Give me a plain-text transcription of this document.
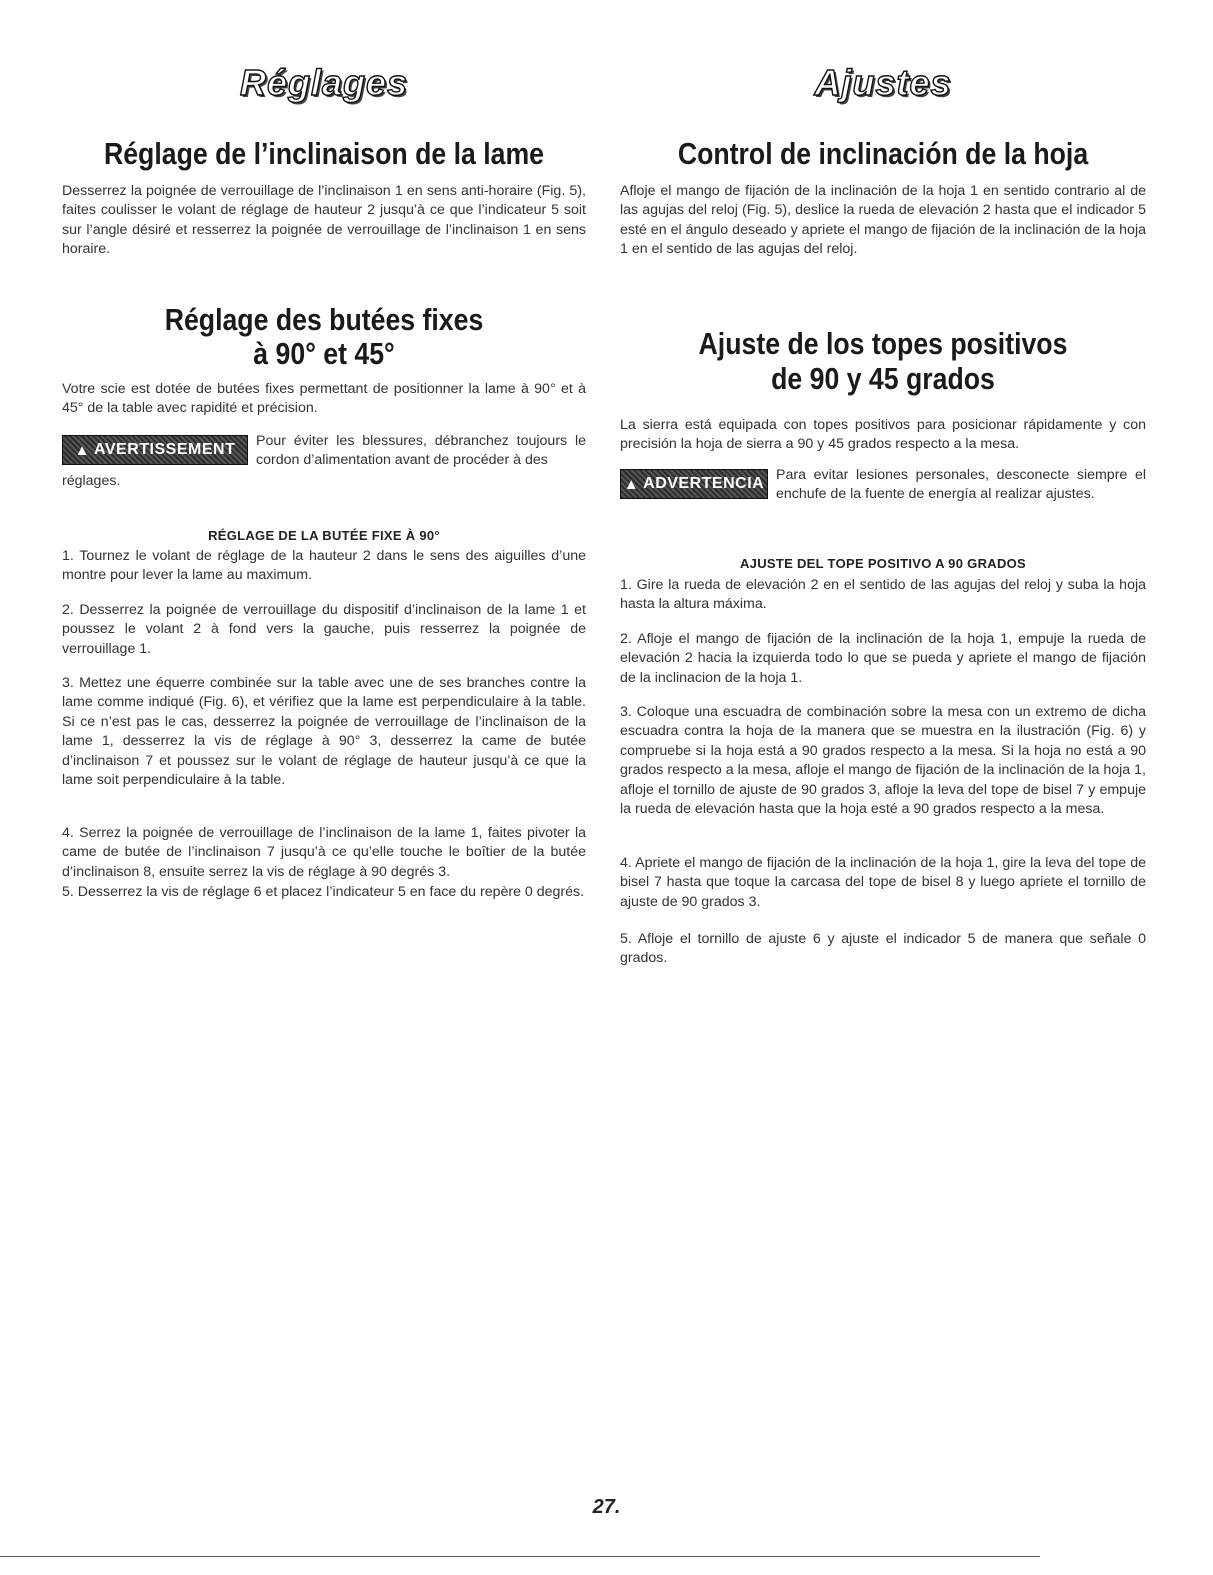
Réglages
Réglage de l’inclinaison de la lame
Desserrez la poignée de verrouillage de l’inclinaison 1 en sens anti-horaire (Fig. 5), faites coulisser le volant de réglage de hauteur 2 jusqu’à ce que l’indicateur 5 soit sur l’angle désiré et resserrez la poignée de verrouillage de l’inclinaison 1 en sens horaire.
Réglage des butées fixes
à 90° et 45°
Votre scie est dotée de butées fixes permettant de positionner la lame à 90° et à 45° de la table avec rapidité et précision.
▲ AVERTISSEMENT Pour éviter les blessures, débranchez toujours le cordon d’alimentation avant de procéder à des
réglages.
RÉGLAGE DE LA BUTÉE FIXE À 90°
1. Tournez le volant de réglage de la hauteur 2 dans le sens des aiguilles d’une montre pour lever la lame au maximum.
2. Desserrez la poignée de verrouillage du dispositif d’inclinaison de la lame 1 et poussez le volant 2 à fond vers la gauche, puis resserrez la poignée de verrouillage 1.
3. Mettez une équerre combinée sur la table avec une de ses branches contre la lame comme indiqué (Fig. 6), et vérifiez que la lame est perpendiculaire à la table. Si ce n’est pas le cas, desserrez la poignée de verrouillage de l’inclinaison de la lame 1, desserrez la vis de réglage à 90° 3, desserrez la came de butée d’inclinaison 7 et poussez sur le volant de réglage de hauteur jusqu’à ce que la lame soit perpendiculaire à la table.
4. Serrez la poignée de verrouillage de l’inclinaison de la lame 1, faites pivoter la came de butée de l’inclinaison 7 jusqu’à ce qu’elle touche le boîtier de la butée d’inclinaison 8, ensuite serrez la vis de réglage à 90 degrés 3.
5. Desserrez la vis de réglage 6 et placez l’indicateur 5 en face du repère 0 degrés.
Ajustes
Control de inclinación de la hoja
Afloje el mango de fijación de la inclinación de la hoja 1 en sentido contrario al de las agujas del reloj (Fig. 5), deslice la rueda de elevación 2 hasta que el indicador 5 esté en el ángulo deseado y apriete el mango de fijación de la inclinación de la hoja 1 en el sentido de las agujas del reloj.
Ajuste de los topes positivos
de 90 y 45 grados
La sierra está equipada con topes positivos para posicionar rápidamente y con precisión la hoja de sierra a 90 y 45 grados respecto a la mesa.
▲ ADVERTENCIA Para evitar lesiones personales, desconecte siempre el enchufe de la fuente de energía al realizar ajustes.
AJUSTE DEL TOPE POSITIVO A 90 GRADOS
1. Gire la rueda de elevación 2 en el sentido de las agujas del reloj y suba la hoja hasta la altura máxima.
2. Afloje el mango de fijación de la inclinación de la hoja 1, empuje la rueda de elevación 2 hacia la izquierda todo lo que se pueda y apriete el mango de fijación de la inclinacion de la hoja 1.
3. Coloque una escuadra de combinación sobre la mesa con un extremo de dicha escuadra contra la hoja de la manera que se muestra en la ilustración (Fig. 6) y compruebe si la hoja está a 90 grados respecto a la mesa. Si la hoja no está a 90 grados respecto a la mesa, afloje el mango de fijación de la inclinación de la hoja 1, afloje el tornillo de ajuste de 90 grados 3, afloje la leva del tope de bisel 7 y empuje la rueda de elevación hasta que la hoja esté a 90 grados respecto a la mesa.
4. Apriete el mango de fijación de la inclinación de la hoja 1, gire la leva del tope de bisel 7 hasta que toque la carcasa del tope de bisel 8 y luego apriete el tornillo de ajuste de 90 grados 3.
5. Afloje el tornillo de ajuste 6 y ajuste el indicador 5 de manera que señale 0 grados.
27.
